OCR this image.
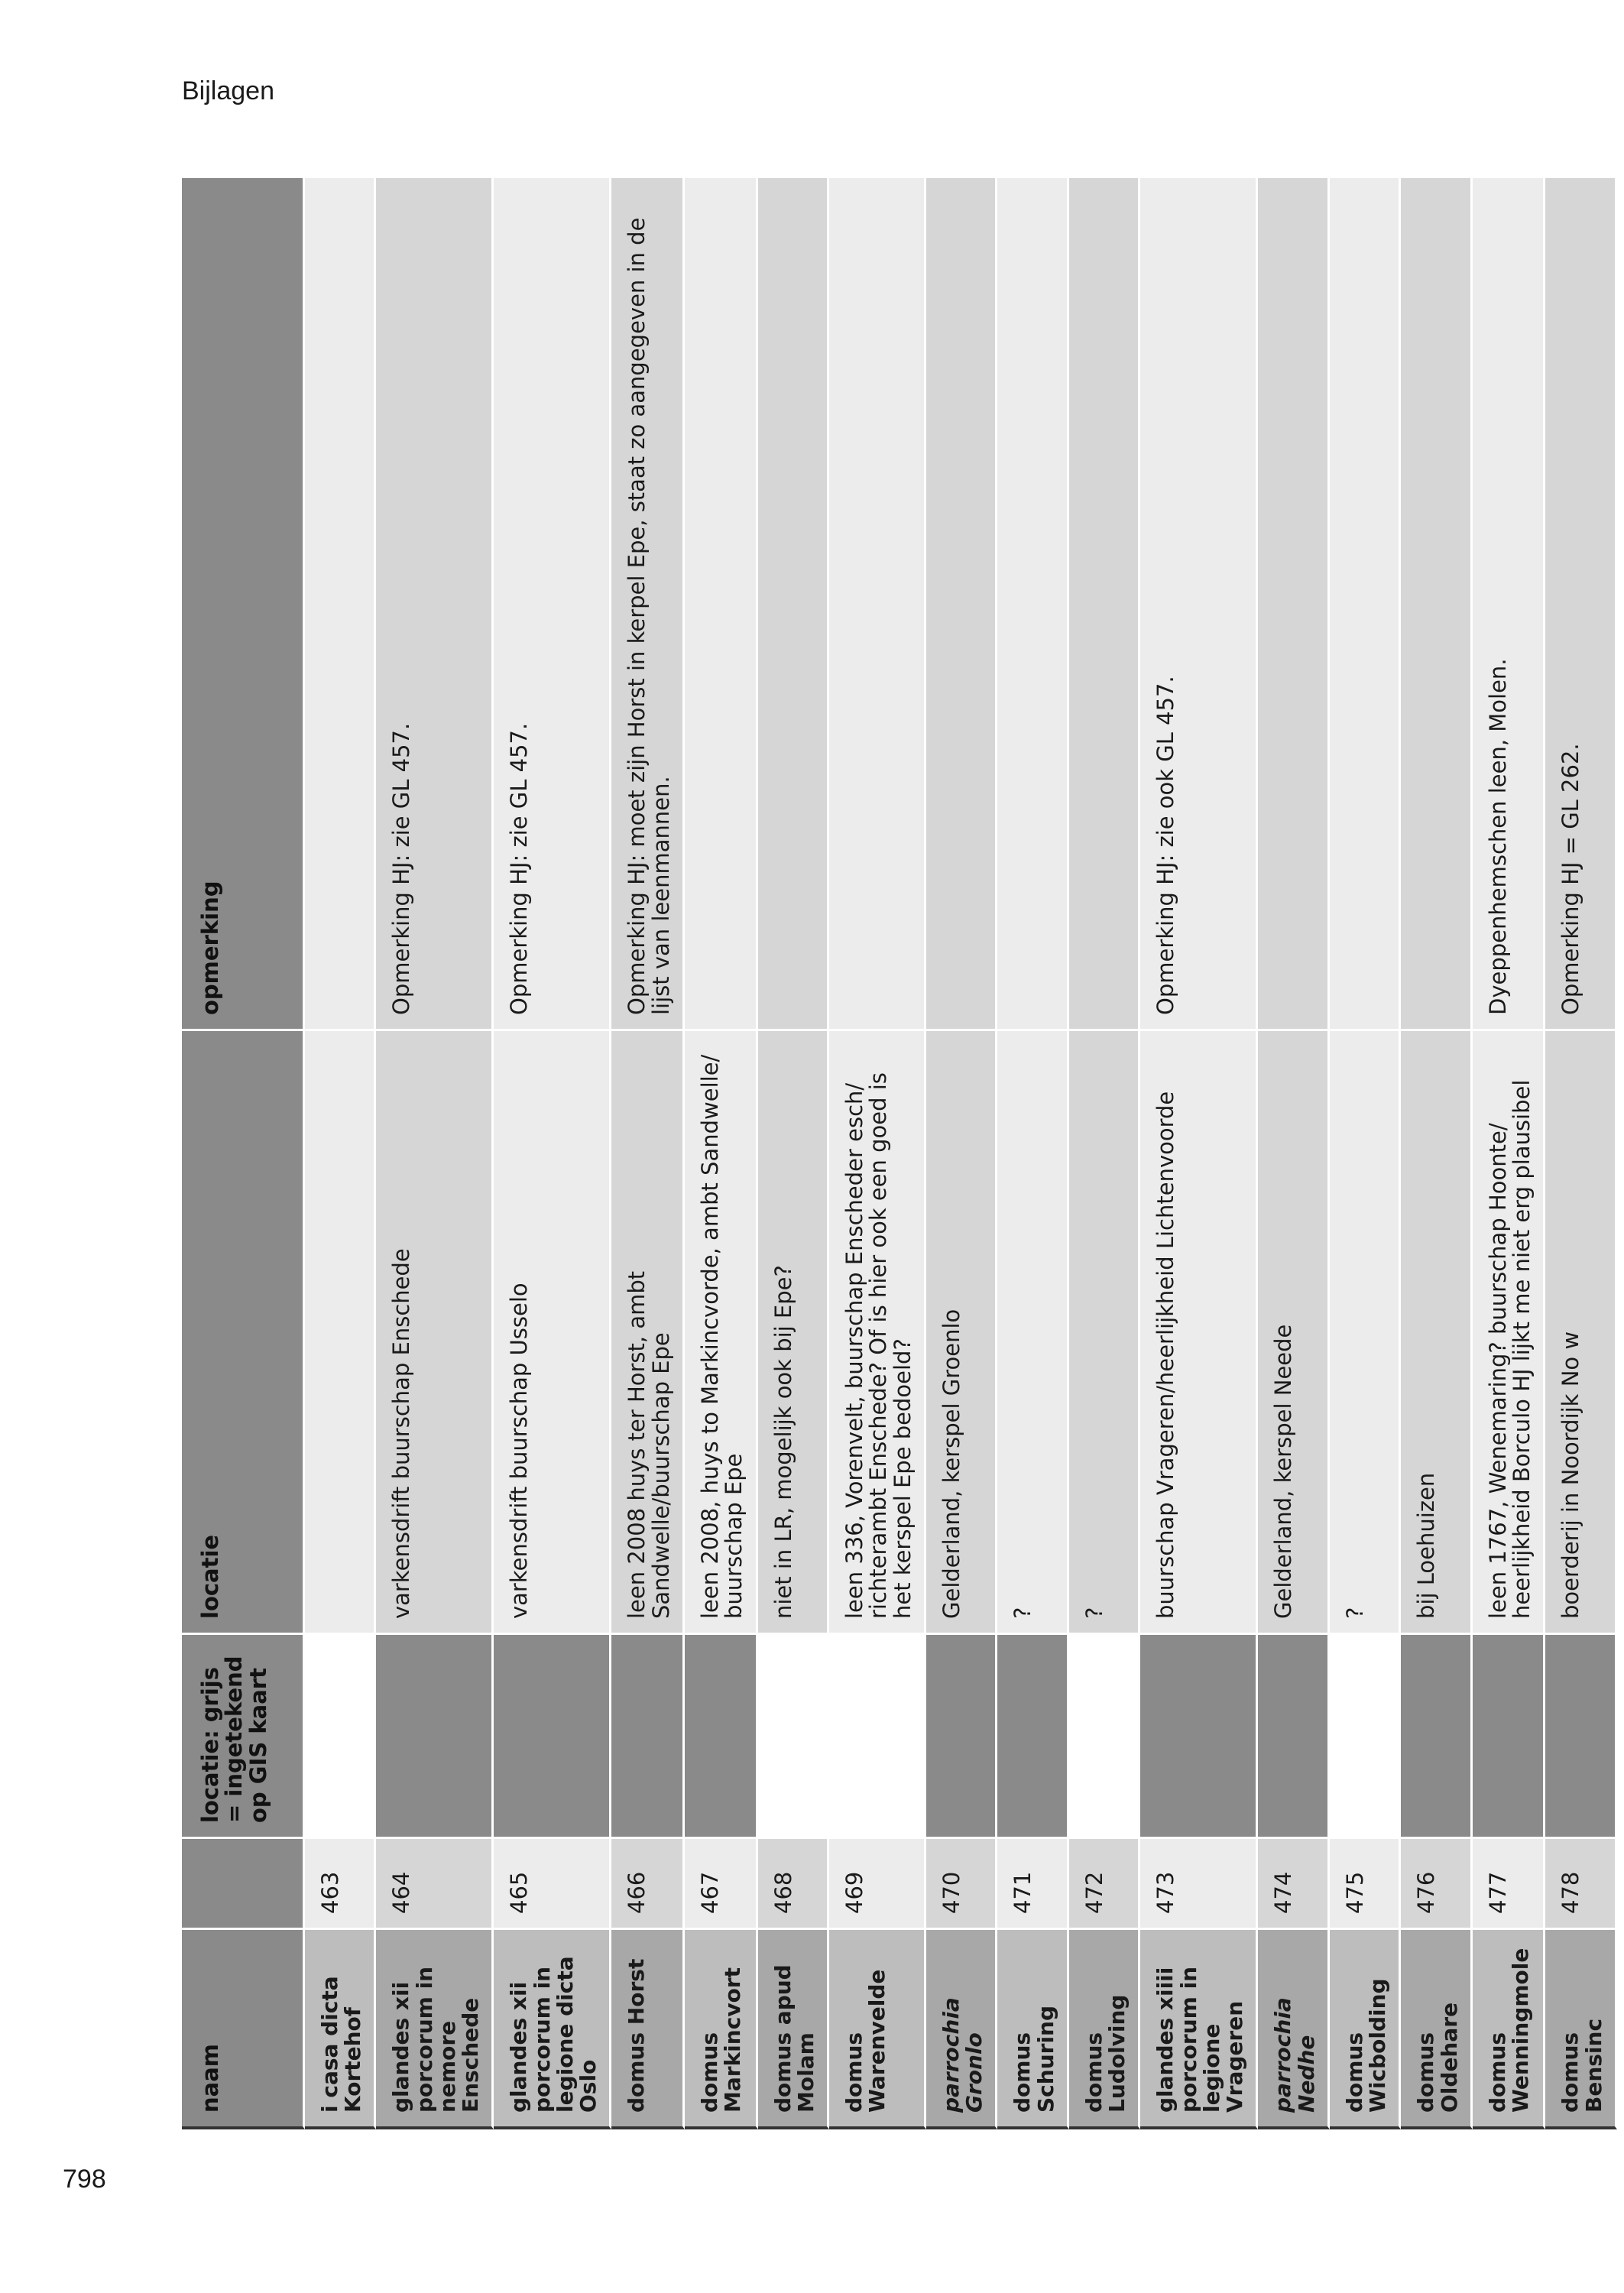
Bijlagen
naam		locatie: grijs = ingetekend op GIS kaart	locatie	opmerking
i casa dicta Kortehof	463			
glandes xii porcorum in nemore Enschede	464		varkensdrift buurschap Enschede	Opmerking HJ: zie GL 457.
glandes xii porcorum in legione dicta Oslo	465		varkensdrift buurschap Usselo	Opmerking HJ: zie GL 457.
domus Horst	466		leen 2008 huys ter Horst, ambt Sandwelle/buurschap Epe	Opmerking HJ: moet zijn Horst in kerpel Epe, staat zo aangegeven in de lijst van leenmannen.
domus Markincvort	467		leen 2008, huys to Markincvorde, ambt Sandwelle/ buurschap Epe	
domus apud Molam	468		niet in LR, mogelijk ook bij Epe?	
domus Warenvelde	469		leen 336, Vorenvelt, buurschap Enscheder esch/ richterambt Enschede? Of is hier ook een goed is het kerspel Epe bedoeld?	
parrochia Gronlo	470		Gelderland, kerspel Groenlo	
domus Schuring	471		?	
domus Ludolving	472		?	
glandes xiiii porcorum in legione Vrageren	473		buurschap Vrageren/heerlijkheid Lichtenvoorde	Opmerking HJ: zie ook GL 457.
parrochia Nedhe	474		Gelderland, kerspel Neede	
domus Wicbolding	475		?	
domus Oldehare	476		bij Loehuizen	
domus Wenningmole	477		leen 1767, Wenemaring? buurschap Hoonte/ heerlijkheid Borculo HJ lijkt me niet erg plausibel	Dyeppenhemschen leen, Molen.
domus Bensinc	478		boerderij in Noordijk No w	Opmerking HJ = GL 262.
798
